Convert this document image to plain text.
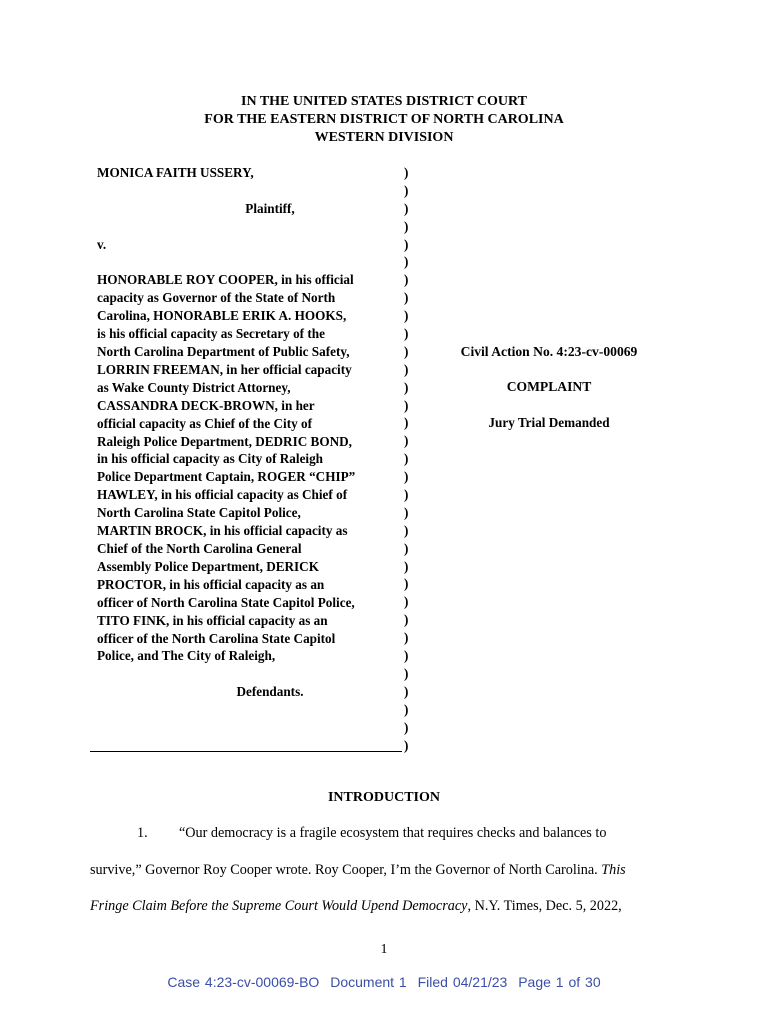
IN THE UNITED STATES DISTRICT COURT
FOR THE EASTERN DISTRICT OF NORTH CAROLINA
WESTERN DIVISION

MONICA FAITH USSERY,

Plaintiff,

v.

HONORABLE ROY COOPER, in his official

capacity as Governor of the State of North

Carolina, HONORABLE ERIK A. HOOKS,

is his official capacity as Secretary of the

North Carolina Department of Public Safety,

LORRIN FREEMAN, in her official capacity

as Wake County District Attorney,

CASSANDRA DECK-BROWN, in her

official capacity as Chief of the City of

Raleigh Police Department, DEDRIC BOND,

in his official capacity as City of Raleigh

Police Department Captain, ROGER “CHIP”

HAWLEY, in his official capacity as Chief of

North Carolina State Capitol Police,

MARTIN BROCK, in his official capacity as

Chief of the North Carolina General

Assembly Police Department, DERICK

PROCTOR, in his official capacity as an

officer of North Carolina State Capitol Police,

TITO FINK, in his official capacity as an

officer of the North Carolina State Capitol

Police, and The City of Raleigh,

Defendants.

)
)
)
)
)
)
)
)
)
)
)
)
)
)
)
)
)
)
)
)
)
)
)
)
)
)
)
)
)
)
)
)
)
Civil Action No. 4:23-cv-00069
COMPLAINT
Jury Trial Demanded
INTRODUCTION
1. “Our democracy is a fragile ecosystem that requires checks and balances to
survive,” Governor Roy Cooper wrote. Roy Cooper, I’m the Governor of North Carolina. This
Fringe Claim Before the Supreme Court Would Upend Democracy, N.Y. Times, Dec. 5, 2022,
1
Case 4:23-cv-00069-BO Document 1 Filed 04/21/23 Page 1 of 30
